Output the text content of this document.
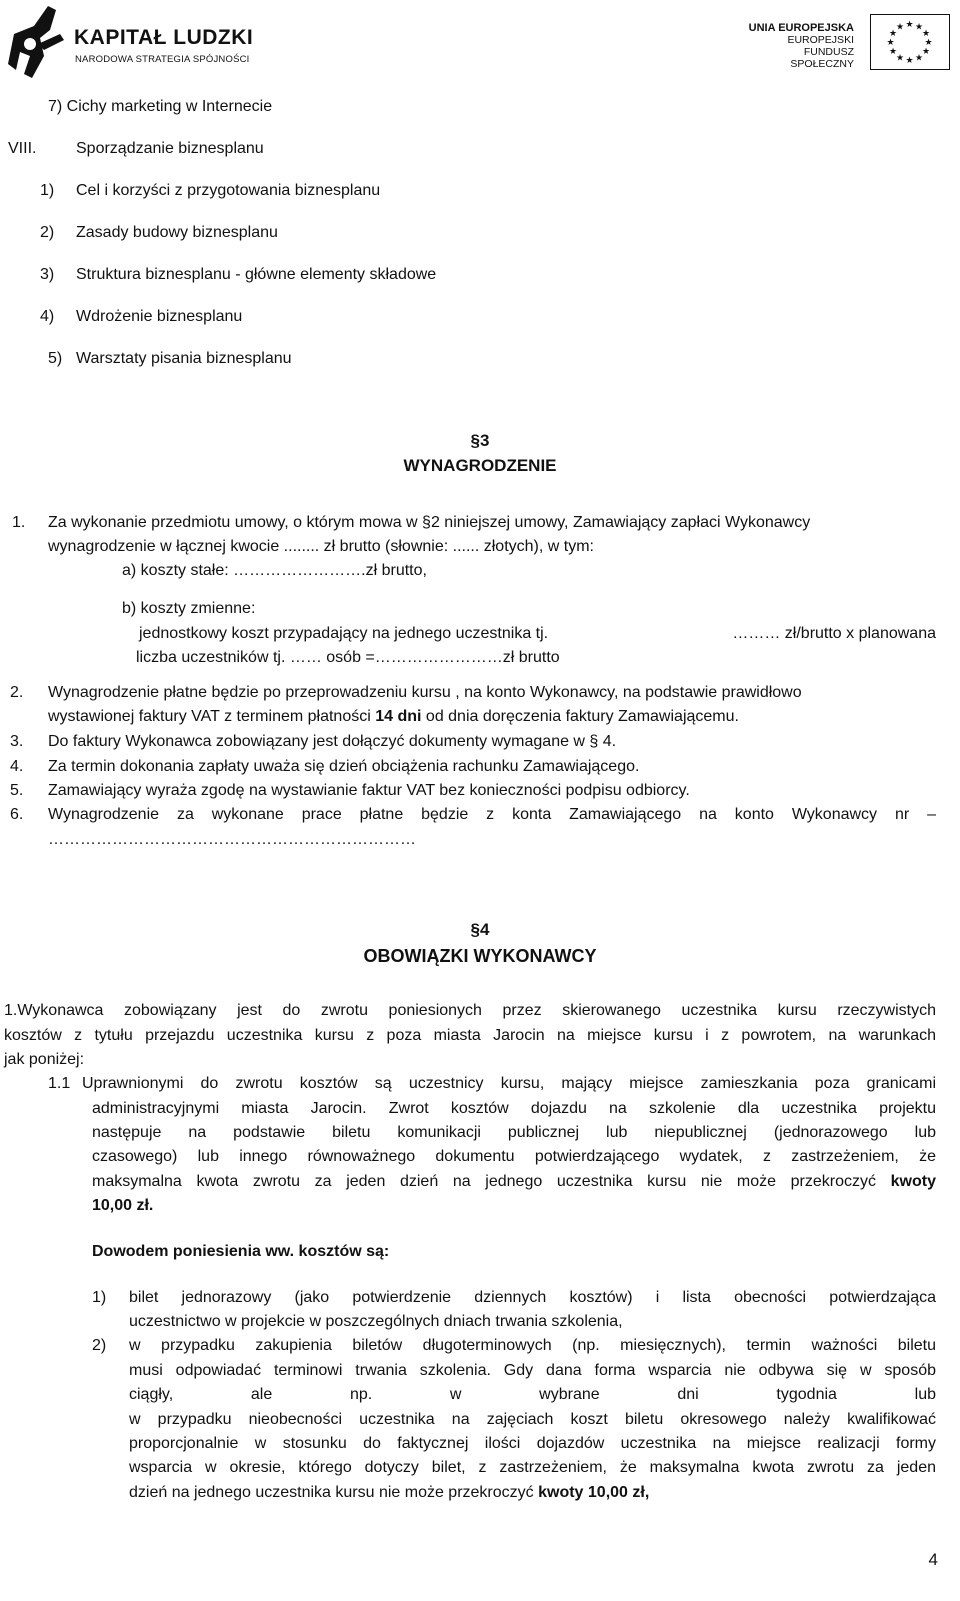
KAPITAŁ LUDZKI
NARODOWA STRATEGIA SPÓJNOŚCI
UNIA EUROPEJSKA
EUROPEJSKI
FUNDUSZ SPOŁECZNY
★ ★
★
★
★
★
★
★
★
★
★
★
7) Cichy marketing w Internecie
VIII. Sporządzanie biznesplanu
1) Cel i korzyści z przygotowania biznesplanu
2) Zasady budowy biznesplanu
3) Struktura biznesplanu - główne elementy składowe
4) Wdrożenie biznesplanu
5) Warsztaty pisania biznesplanu
§3
WYNAGRODZENIE
1. Za wykonanie przedmiotu umowy, o którym mowa w §2 niniejszej umowy, Zamawiający zapłaci Wykonawcy
wynagrodzenie w łącznej kwocie ........ zł brutto (słownie: ...... złotych), w tym:
a) koszty stałe: …………………….zł brutto,
b) koszty zmienne:
jednostkowy koszt przypadający na jednego uczestnika tj.	……… zł/brutto x planowana
liczba uczestników tj. …… osób =……………………zł brutto
2. Wynagrodzenie płatne będzie po przeprowadzeniu kursu , na konto Wykonawcy, na podstawie prawidłowo
wystawionej faktury VAT z terminem płatności 14 dni od dnia doręczenia faktury Zamawiającemu.
3. Do faktury Wykonawca zobowiązany jest dołączyć dokumenty wymagane w § 4.
4. Za termin dokonania zapłaty uważa się dzień obciążenia rachunku Zamawiającego.
5. Zamawiający wyraża zgodę na wystawianie faktur VAT bez konieczności podpisu odbiorcy.
6. Wynagrodzenie za wykonane prace płatne będzie z konta Zamawiającego na konto Wykonawcy nr –
……………………………………………………………
§4
OBOWIĄZKI WYKONAWCY
1.Wykonawca zobowiązany jest do zwrotu poniesionych przez skierowanego uczestnika kursu rzeczywistych
kosztów z tytułu przejazdu uczestnika kursu z poza miasta Jarocin na miejsce kursu i z powrotem, na warunkach
jak poniżej:
1.1 Uprawnionymi do zwrotu kosztów są uczestnicy kursu, mający miejsce zamieszkania poza granicami
administracyjnymi miasta Jarocin. Zwrot kosztów dojazdu na szkolenie dla uczestnika projektu
następuje na podstawie biletu komunikacji publicznej lub niepublicznej (jednorazowego lub
czasowego) lub innego równoważnego dokumentu potwierdzającego wydatek, z zastrzeżeniem, że
maksymalna kwota zwrotu za jeden dzień na jednego uczestnika kursu nie może przekroczyć kwoty
10,00 zł.
Dowodem poniesienia ww. kosztów są:
1) bilet jednorazowy (jako potwierdzenie dziennych kosztów) i lista obecności potwierdzająca
uczestnictwo w projekcie w poszczególnych dniach trwania szkolenia,
2) w przypadku zakupienia biletów długoterminowych (np. miesięcznych), termin ważności biletu
musi odpowiadać terminowi trwania szkolenia. Gdy dana forma wsparcia nie odbywa się w sposób
ciągły, ale np. w wybrane dni tygodnia lub
w przypadku nieobecności uczestnika na zajęciach koszt biletu okresowego należy kwalifikować
proporcjonalnie w stosunku do faktycznej ilości dojazdów uczestnika na miejsce realizacji formy
wsparcia w okresie, którego dotyczy bilet, z zastrzeżeniem, że maksymalna kwota zwrotu za jeden
dzień na jednego uczestnika kursu nie może przekroczyć kwoty 10,00 zł,
4
